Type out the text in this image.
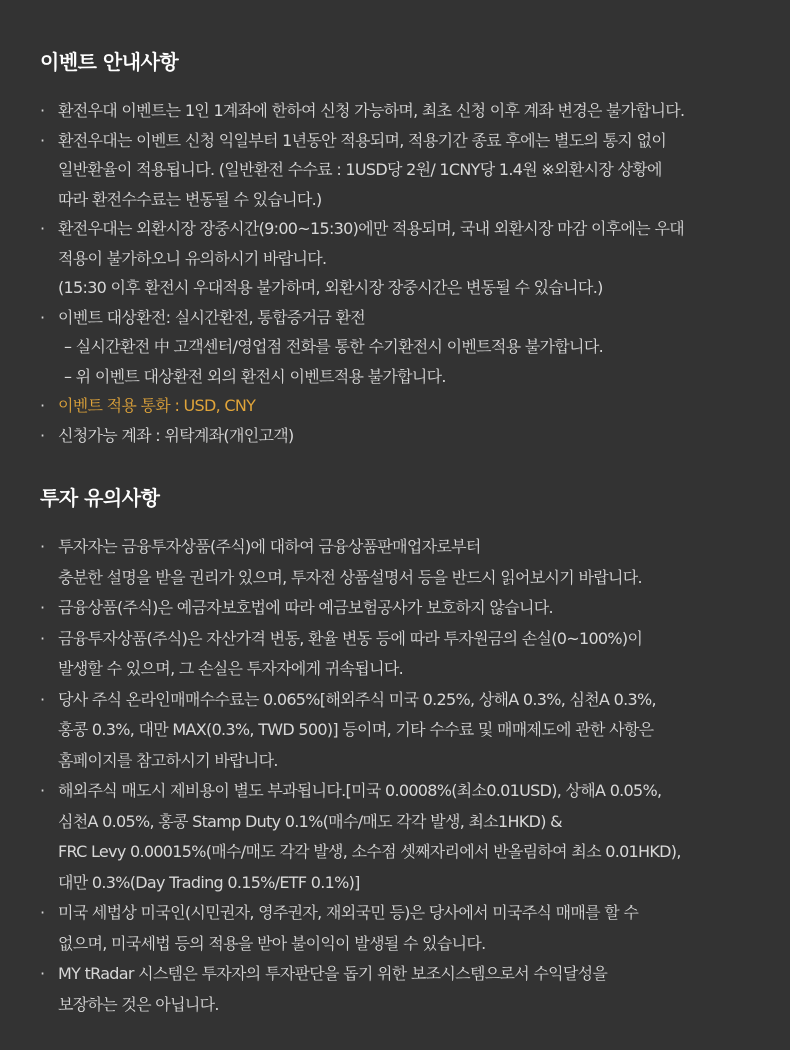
이벤트 안내사항
· 환전우대 이벤트는 1인 1계좌에 한하여 신청 가능하며, 최초 신청 이후 계좌 변경은 불가합니다.
· 환전우대는 이벤트 신청 익일부터 1년동안 적용되며, 적용기간 종료 후에는 별도의 통지 없이
일반환율이 적용됩니다. (일반환전 수수료 : 1USD당 2원/ 1CNY당 1.4원 ※외환시장 상황에
따라 환전수수료는 변동될 수 있습니다.)
· 환전우대는 외환시장 장중시간(9:00~15:30)에만 적용되며, 국내 외환시장 마감 이후에는 우대
적용이 불가하오니 유의하시기 바랍니다.
(15:30 이후 환전시 우대적용 불가하며, 외환시장 장중시간은 변동될 수 있습니다.)
· 이벤트 대상환전: 실시간환전, 통합증거금 환전
– 실시간환전 中 고객센터/영업점 전화를 통한 수기환전시 이벤트적용 불가합니다.
– 위 이벤트 대상환전 외의 환전시 이벤트적용 불가합니다.
· 이벤트 적용 통화 : USD, CNY
· 신청가능 계좌 : 위탁계좌(개인고객)
투자 유의사항
· 투자자는 금융투자상품(주식)에 대하여 금융상품판매업자로부터
충분한 설명을 받을 권리가 있으며, 투자전 상품설명서 등을 반드시 읽어보시기 바랍니다.
· 금융상품(주식)은 예금자보호법에 따라 예금보험공사가 보호하지 않습니다.
· 금융투자상품(주식)은 자산가격 변동, 환율 변동 등에 따라 투자원금의 손실(0~100%)이
발생할 수 있으며, 그 손실은 투자자에게 귀속됩니다.
· 당사 주식 온라인매매수수료는 0.065%[해외주식 미국 0.25%, 상해A 0.3%, 심천A 0.3%,
홍콩 0.3%, 대만 MAX(0.3%, TWD 500)] 등이며, 기타 수수료 및 매매제도에 관한 사항은
홈페이지를 참고하시기 바랍니다.
· 해외주식 매도시 제비용이 별도 부과됩니다.[미국 0.0008%(최소0.01USD), 상해A 0.05%,
심천A 0.05%, 홍콩 Stamp Duty 0.1%(매수/매도 각각 발생, 최소1HKD) &
FRC Levy 0.00015%(매수/매도 각각 발생, 소수점 셋째자리에서 반올림하여 최소 0.01HKD),
대만 0.3%(Day Trading 0.15%/ETF 0.1%)]
· 미국 세법상 미국인(시민권자, 영주권자, 재외국민 등)은 당사에서 미국주식 매매를 할 수
없으며, 미국세법 등의 적용을 받아 불이익이 발생될 수 있습니다.
· MY tRadar 시스템은 투자자의 투자판단을 돕기 위한 보조시스템으로서 수익달성을
보장하는 것은 아닙니다.
